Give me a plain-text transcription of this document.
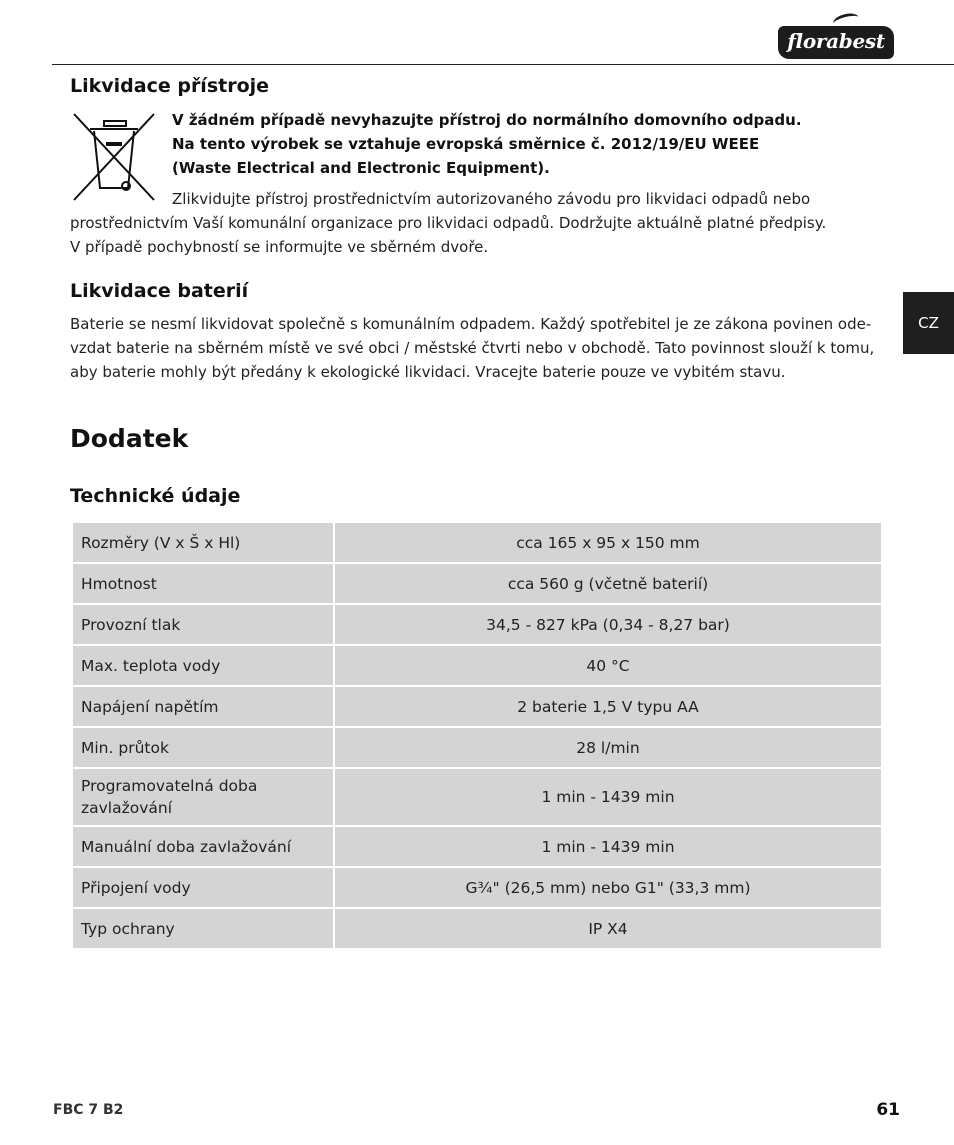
florabest
CZ
Likvidace přístroje

V žádném případě nevyhazujte přístroj do normálního domovního odpadu.

Na tento výrobek se vztahuje evropská směrnice č. 2012/19/EU WEEE

(Waste Electrical and Electronic Equipment).

Zlikvidujte přístroj prostřednictvím autorizovaného závodu pro likvidaci odpadů nebo

prostřednictvím Vaší komunální organizace pro likvidaci odpadů. Dodržujte aktuálně platné předpisy.

V případě pochybností se informujte ve sběrném dvoře.

Likvidace baterií

Baterie se nesmí likvidovat společně s komunálním odpadem. Každý spotřebitel je ze zákona povinen ode-

vzdat baterie na sběrném místě ve své obci / městské čtvrti nebo v obchodě. Tato povinnost slouží k tomu,

aby baterie mohly být předány k ekologické likvidaci. Vracejte baterie pouze ve vybitém stavu.

Dodatek
Technické údaje
Rozměry (V x Š x Hl)	cca 165 x 95 x 150 mm
Hmotnost	cca 560 g (včetně baterií)
Provozní tlak	34,5 - 827 kPa (0,34 - 8,27 bar)
Max. teplota vody	40 °C
Napájení napětím	2 baterie 1,5 V typu AA
Min. průtok	28 l/min
Programovatelná doba zavlažování	1 min - 1439 min
Manuální doba zavlažování	1 min - 1439 min
Připojení vody	G¾" (26,5 mm) nebo G1" (33,3 mm)
Typ ochrany	IP X4
FBC 7 B2	61
